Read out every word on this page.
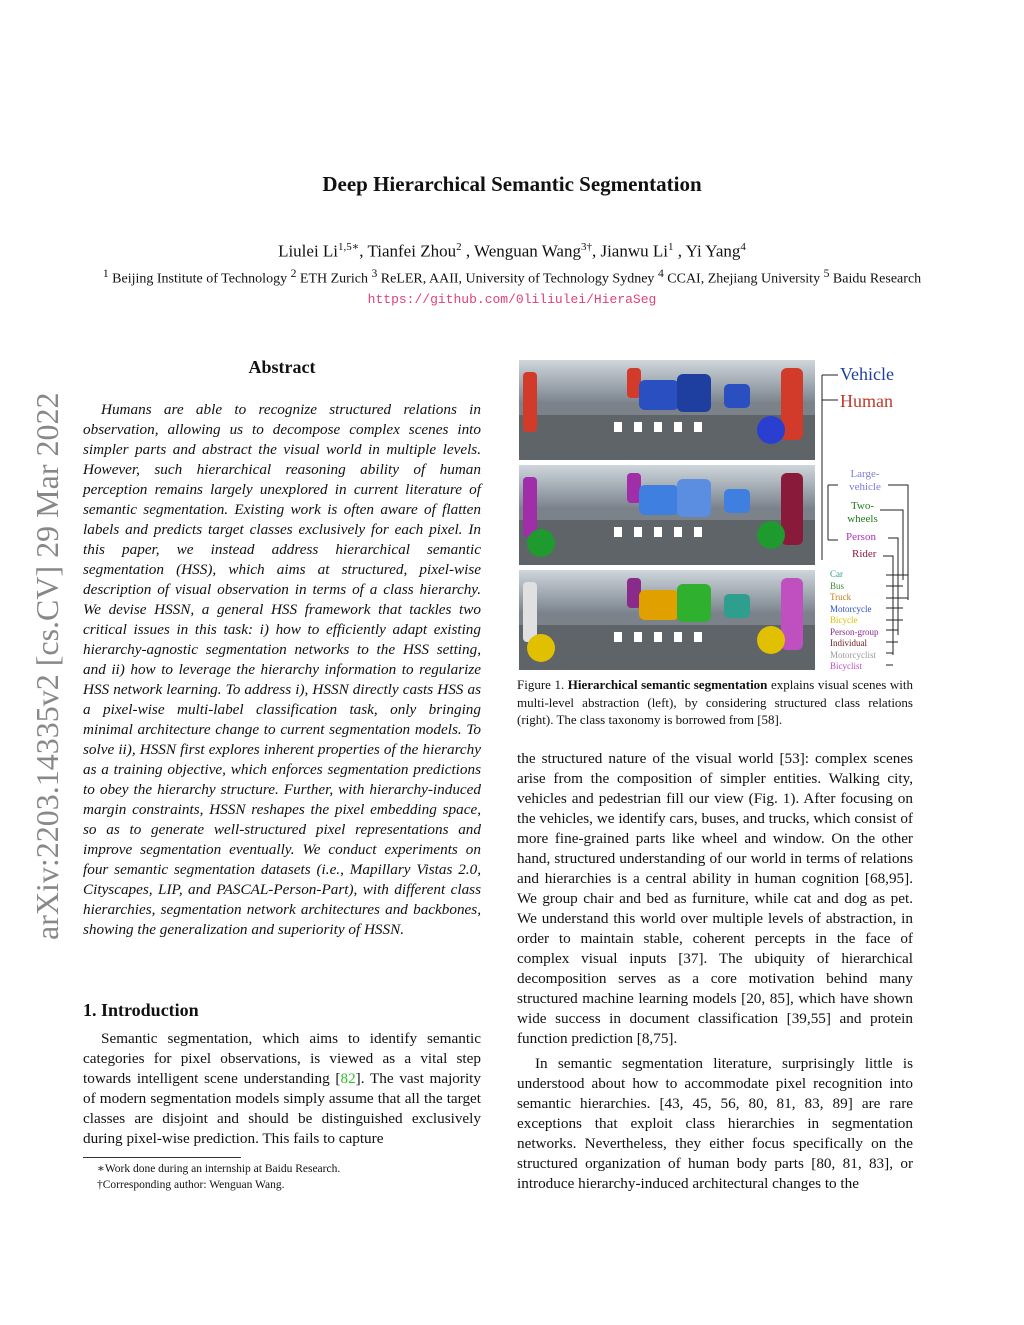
arXiv:2203.14335v2 [cs.CV] 29 Mar 2022
Deep Hierarchical Semantic Segmentation
Liulei $Li^{1,5∗}$, Tianfei Zhou$^2$ , Wenguan Wang$^{3\dagger}$, Jianwu Li$^1$ , Yi Yang$^4$
$^1$ Beijing Institute of Technology $^2$ ETH Zurich $^3$ ReLER, AAII, University of Technology Sydney $^4$ CCAI, Zhejiang University $^5$ Baidu Research
https://github.com/0liliulei/HieraSeg
Abstract

Humans are able to recognize structured relations in observation, allowing us to decompose complex scenes into simpler parts and abstract the visual world in multiple levels. However, such hierarchical reasoning ability of human perception remains largely unexplored in current literature of semantic segmentation. Existing work is often aware of flatten labels and predicts target classes exclusively for each pixel. In this paper, we instead address hierarchical semantic segmentation (HSS), which aims at structured, pixel-wise description of visual observation in terms of a class hierarchy. We devise HSSN, a general HSS framework that tackles two critical issues in this task: i) how to efficiently adapt existing hierarchy-agnostic segmentation networks to the HSS setting, and ii) how to leverage the hierarchy information to regularize HSS network learning. To address i), HSSN directly casts HSS as a pixel-wise multi-label classification task, only bringing minimal architecture change to current segmentation models. To solve ii), HSSN first explores inherent properties of the hierarchy as a training objective, which enforces segmentation predictions to obey the hierarchy structure. Further, with hierarchy-induced margin constraints, HSSN reshapes the pixel embedding space, so as to generate well-structured pixel representations and improve segmentation eventually. We conduct experiments on four semantic segmentation datasets (i.e., Mapillary Vistas 2.0, Cityscapes, LIP, and PASCAL-Person-Part), with different class hierarchies, segmentation network architectures and backbones, showing the generalization and superiority of HSSN.

1. Introduction

Semantic segmentation, which aims to identify semantic categories for pixel observations, is viewed as a vital step towards intelligent scene understanding [82]. The vast majority of modern segmentation models simply assume that all the target classes are disjoint and should be distinguished exclusively during pixel-wise prediction. This fails to capture

∗Work done during an internship at Baidu Research.
†Corresponding author: Wenguan Wang.
Vehicle
Human
Large-vehicle
Two-wheels
Person
Rider
Car
Bus
Truck
Motorcycle
Bicycle
Person-group
Individual
Motorcyclist
Bicyclist
Figure 1. Hierarchical semantic segmentation explains visual scenes with multi-level abstraction (left), by considering structured class relations (right). The class taxonomy is borrowed from [58].

the structured nature of the visual world [53]: complex scenes arise from the composition of simpler entities. Walking city, vehicles and pedestrian fill our view (Fig. 1). After focusing on the vehicles, we identify cars, buses, and trucks, which consist of more fine-grained parts like wheel and window. On the other hand, structured understanding of our world in terms of relations and hierarchies is a central ability in human cognition [68,95]. We group chair and bed as furniture, while cat and dog as pet. We understand this world over multiple levels of abstraction, in order to maintain stable, coherent percepts in the face of complex visual inputs [37]. The ubiquity of hierarchical decomposition serves as a core motivation behind many structured machine learning models [20, 85], which have shown wide success in document classification [39,55] and protein function prediction [8,75].

In semantic segmentation literature, surprisingly little is understood about how to accommodate pixel recognition into semantic hierarchies. [43, 45, 56, 80, 81, 83, 89] are rare exceptions that exploit class hierarchies in segmentation networks. Nevertheless, they either focus specifically on the structured organization of human body parts [80, 81, 83], or introduce hierarchy-induced architectural changes to the
